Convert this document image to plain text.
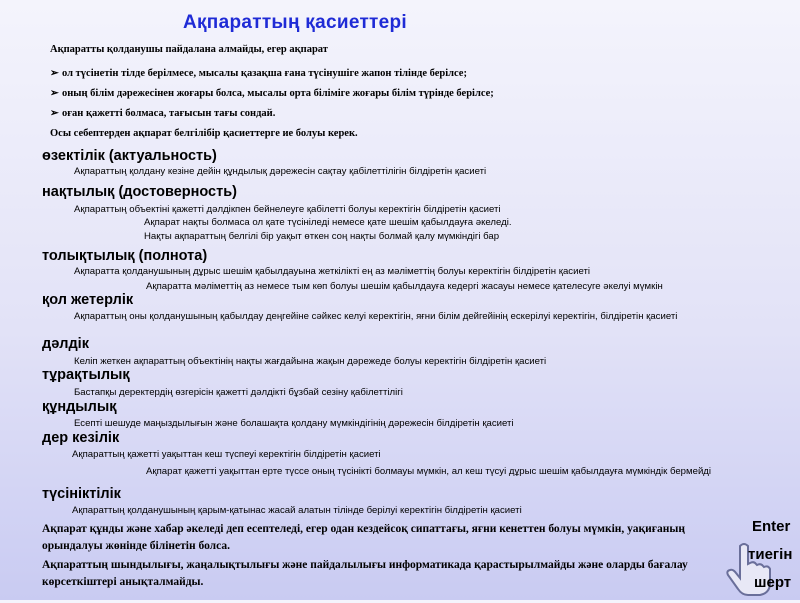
Ақпараттың қасиеттері
Ақпаратты қолданушы пайдалана алмайды, егер ақпарат
➢ ол түсінетін тілде берілмесе, мысалы қазақша ғана түсінушіге жапон тілінде берілсе;
➢ оның білім дәрежесінен жоғары болса, мысалы орта біліміге жоғары білім түрінде берілсе;
➢ оған қажетті болмаса, тағысын тағы сондай.
Осы себептерден ақпарат белгілібір қасиеттерге ие болуы керек.
өзектілік (актуальность)
Ақпараттың қолдану кезіне дейін құндылық дәрежесін сақтау қабілеттілігін білдіретін қасиеті
нақтылық (достоверность)
Ақпараттың объектіні қажетті дәлдікпен бейнелеуге қабілетті болуы керектігін білдіретін қасиеті
Ақпарат нақты болмаса ол қате түсініледі немесе қате шешім қабылдауға әкеледі.
Нақты ақпараттың белгілі бір уақыт өткен соң нақты болмай қалу мүмкіндігі бар
толықтылық (полнота)
Ақпаратта қолданушының дұрыс шешім қабылдауына жеткілікті ең аз мәліметтің болуы керектігін білдіретін қасиеті
Ақпаратта мәліметтің аз немесе тым көп болуы шешім қабылдауға кедергі жасауы немесе қателесуге әкелуі мүмкін
қол жетерлік
Ақпараттың оны қолданушының қабылдау деңгейіне сәйкес келуі керектігін, яғни білім дейгейінің ескерілуі керектігін, білдіретін қасиеті
дәлдік
Келіп жеткен ақпараттың объектінің нақты жағдайына жақын дәрежеде болуы керектігін білдіретін қасиеті
тұрақтылық
Бастапқы деректердің өзгерісін қажетті дәлдікті бұзбай сезіну қабілеттілігі
құндылық
Есепті шешуде маңыздылығын және болашақта қолдану мүмкіндігінің дәрежесін білдіретін қасиеті
дер кезілік
Ақпараттың қажетті уақыттан кеш түспеуі керектігін білдіретін қасиеті
Ақпарат қажетті уақыттан ерте түссе оның түсінікті болмауы мүмкін, ал кеш түсуі дұрыс шешім қабылдауға мүмкіндік бермейді
түсініктілік
Ақпараттың қолданушының қарым-қатынас жасай алатын тілінде берілуі керектігін білдіретін қасиеті
Ақпарат құнды және хабар әкеледі деп есептеледі, егер одан кездейсоқ сипаттағы, яғни кенеттен болуы мүмкін, уақиғаның орындалуы жөнінде білінетін болса.
Ақпараттың шындылығы, жаңалықтылығы және пайдалылығы информатикада қарастырылмайды және оларды бағалау көрсеткіштері анықталмайды.
Enter
тиегін
шерт
